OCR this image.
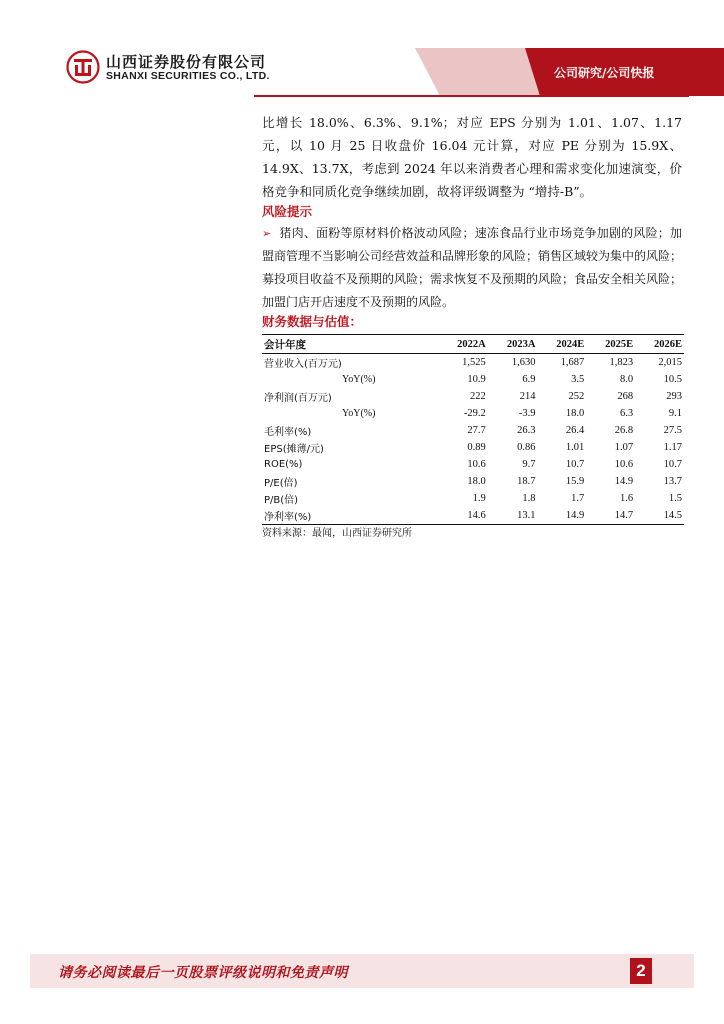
山西证券股份有限公司
SHANXI SECURITIES CO., LTD.	公司研究/公司快报

比增长 18.0%、6.3%、9.1%；对应 EPS 分别为 1.01、1.07、1.17 元，以 10 月 25 日收盘价 16.04 元计算，对应 PE 分别为 15.9X、14.9X、13.7X，考虑到 2024 年以来消费者心理和需求变化加速演变，价格竞争和同质化竞争继续加剧，故将评级调整为 “增持-B”。

风险提示

➢ 猪肉、面粉等原材料价格波动风险；速冻食品行业市场竞争加剧的风险；加盟商管理不当影响公司经营效益和品牌形象的风险；销售区域较为集中的风险；募投项目收益不及预期的风险；需求恢复不及预期的风险；食品安全相关风险；加盟门店开店速度不及预期的风险。

财务数据与估值：
会计年度	2022A	2023A	2024E	2025E	2026E
营业收入(百万元)	1,525	1,630	1,687	1,823	2,015
YoY(%)	10.9	6.9	3.5	8.0	10.5
净利润(百万元)	222	214	252	268	293
YoY(%)	-29.2	-3.9	18.0	6.3	9.1
毛利率(%)	27.7	26.3	26.4	26.8	27.5
EPS(摊薄/元)	0.89	0.86	1.01	1.07	1.17
ROE(%)	10.6	9.7	10.7	10.6	10.7
P/E(倍)	18.0	18.7	15.9	14.9	13.7
P/B(倍)	1.9	1.8	1.7	1.6	1.5
净利率(%)	14.6	13.1	14.9	14.7	14.5
资料来源：最闻，山西证券研究所
请务必阅读最后一页股票评级说明和免责声明	2
